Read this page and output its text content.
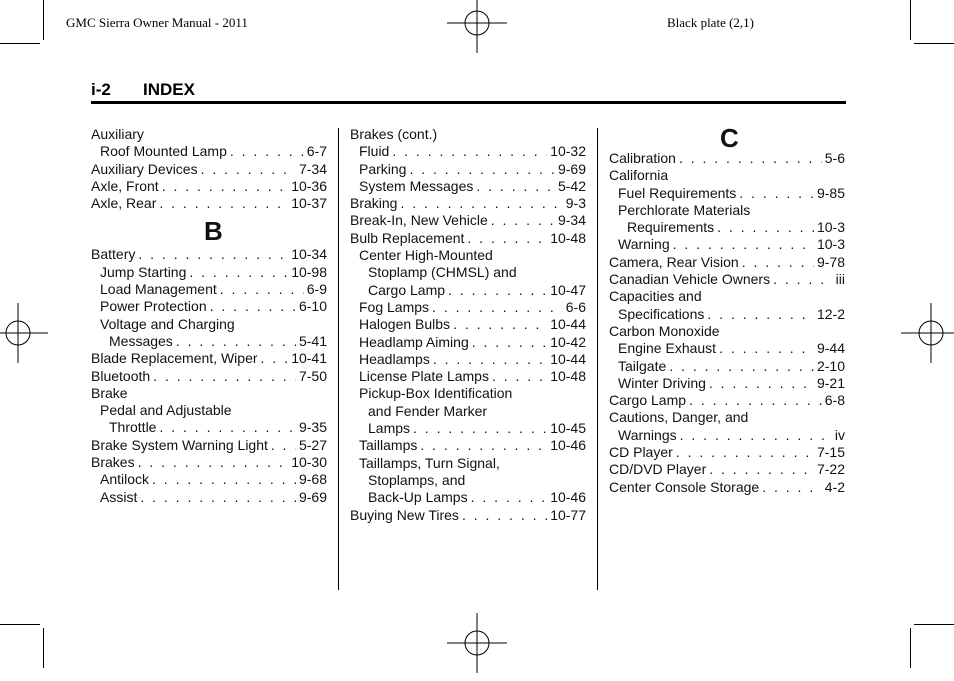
GMC Sierra Owner Manual - 2011	Black plate (2,1)
i-2 INDEX
Auxiliary
Roof Mounted Lamp . . .	6-7
Auxiliary Devices . . .	7-34
Axle, Front . . .	10-36
Axle, Rear . . .	10-37
B
Battery . . .	10-34
Jump Starting . . .	10-98
Load Management . . .	6-9
Power Protection . . .	6-10
Voltage and Charging
Messages . . .	5-41
Blade Replacement, Wiper . . . 10-41
Bluetooth . . .	7-50
Brake
Pedal and Adjustable
Throttle . . .	9-35
Brake System Warning Light . . . 5-27
Brakes . . .	10-30
Antilock . . .	9-68
Assist . . .	9-69
Brakes (cont.)
Fluid . . .	10-32
Parking . . .	9-69
System Messages . . .	5-42
Braking . . .	9-3
Break-In, New Vehicle . . .	9-34
Bulb Replacement . . .	10-48
Center High-Mounted
Stoplamp (CHMSL) and
Cargo Lamp . . .	10-47
Fog Lamps . . .	6-6
Halogen Bulbs . . .	10-44
Headlamp Aiming . . .	10-42
Headlamps . . .	10-44
License Plate Lamps . . .	10-48
Pickup-Box Identification
and Fender Marker
Lamps . . .	10-45
Taillamps . . .	10-46
Taillamps, Turn Signal,
Stoplamps, and
Back-Up Lamps . . .	10-46
Buying New Tires . . .	10-77
C
Calibration . . .	5-6
California
Fuel Requirements . . .	9-85
Perchlorate Materials
Requirements . . .	10-3
Warning . . .	10-3
Camera, Rear Vision . . .	9-78
Canadian Vehicle Owners . . .	iii
Capacities and
Specifications . . .	12-2
Carbon Monoxide
Engine Exhaust . . .	9-44
Tailgate . . .	2-10
Winter Driving . . .	9-21
Cargo Lamp . . .	6-8
Cautions, Danger, and
Warnings . . .	iv
CD Player . . .	7-15
CD/DVD Player . . .	7-22
Center Console Storage . . .	4-2
